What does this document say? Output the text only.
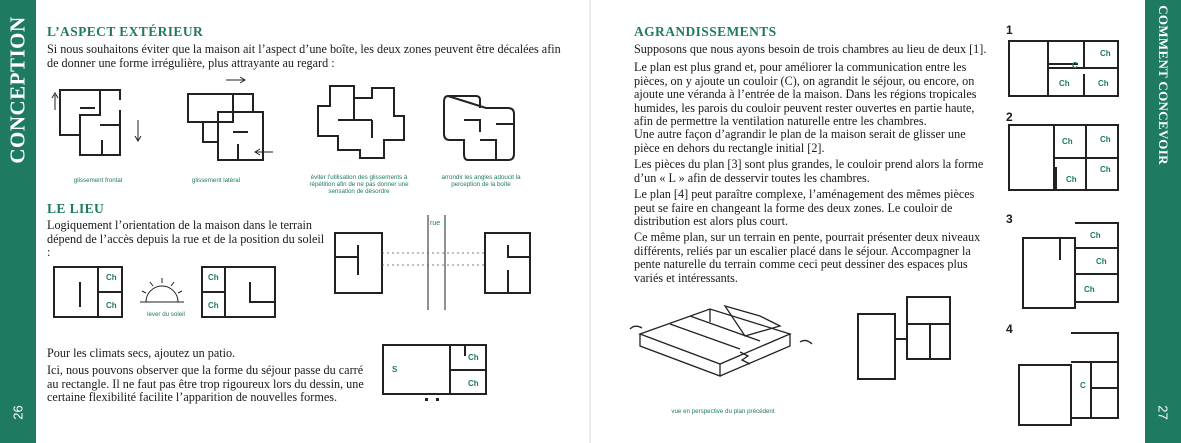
CONCEPTION
26
COMMENT CONCEVOIR
27
L’ASPECT EXTÉRIEUR
Si nous souhaitons éviter que la maison ait l’aspect d’une boîte, les deux zones peuvent être décalées afin de donner une forme irrégulière, plus attrayante au regard :
glissement frontal	glissement latéral	éviter l’utilisation des glissements à répétition afin de ne pas donner une sensation de désordre
arrondir les angles adoucit la perception de la boîte
LE LIEU
Logiquement l’orientation de la maison dans le terrain dépend de l’accès depuis la rue et de la position du soleil :
rue
Ch
Ch
Ch
Ch
lever du soleil
Pour les climats secs, ajoutez un patio.
Ici, nous pouvons observer que la forme du séjour passe du carré au rectangle. Il ne faut pas être trop rigoureux lors du dessin, une certaine flexibilité facilite l’apparition de nouvelles formes.
S
Ch
Ch
AGRANDISSEMENTS
Supposons que nous ayons besoin de trois chambres au lieu de deux [1].
Le plan est plus grand et, pour améliorer la communication entre les pièces, on y ajoute un couloir (C), on agrandit le séjour, ou encore, on ajoute une véranda à l’entrée de la maison. Dans les régions tropicales humides, les parois du couloir peuvent rester ouvertes en partie haute, afin de permettre la ventilation naturelle entre les chambres.
Une autre façon d’agrandir le plan de la maison serait de glisser une pièce en dehors du rectangle initial [2].
Les pièces du plan [3] sont plus grandes, le couloir prend alors la forme d’un « L » afin de desservir toutes les chambres.
Le plan [4] peut paraître complexe, l’aménagement des mêmes pièces peut se faire en changeant la forme des deux zones. Le couloir de distribution est alors plus court.
Ce même plan, sur un terrain en pente, pourrait présenter deux niveaux différents, reliés par un escalier placé dans le séjour. Accompagner la pente naturelle du terrain comme ceci peut dessiner des espaces plus variés et intéressants.
vue en perspective du plan précédent
1
Ch
Ch	Ch
C
2
Ch	Ch
Ch
Ch
3
Ch
Ch
Ch
4
C
